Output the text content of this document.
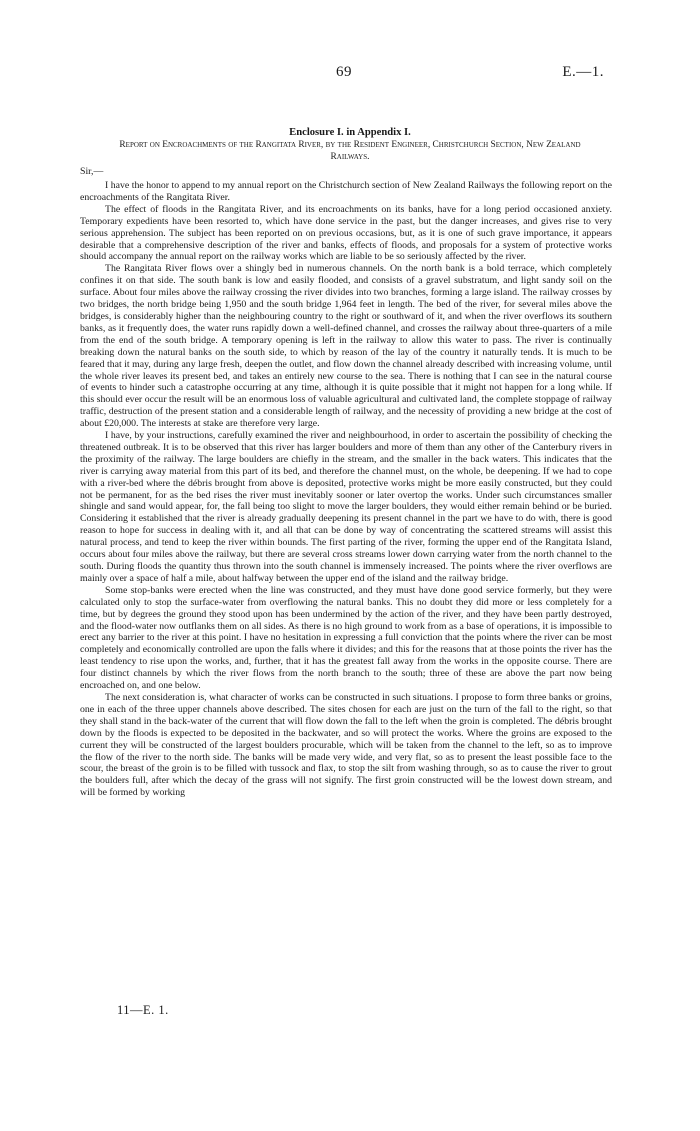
69	E.—1.
Enclosure I. in Appendix I.
Report on Encroachments of the Rangitata River, by the Resident Engineer, Christchurch Section, New Zealand Railways.
Sir,—

I have the honor to append to my annual report on the Christchurch section of New Zealand Railways the following report on the encroachments of the Rangitata River.

The effect of floods in the Rangitata River, and its encroachments on its banks, have for a long period occasioned anxiety. Temporary expedients have been resorted to, which have done service in the past, but the danger increases, and gives rise to very serious apprehension. The subject has been reported on on previous occasions, but, as it is one of such grave importance, it appears desirable that a comprehensive description of the river and banks, effects of floods, and proposals for a system of protective works should accompany the annual report on the railway works which are liable to be so seriously affected by the river.

The Rangitata River flows over a shingly bed in numerous channels. On the north bank is a bold terrace, which completely confines it on that side. The south bank is low and easily flooded, and consists of a gravel substratum, and light sandy soil on the surface. About four miles above the railway crossing the river divides into two branches, forming a large island. The railway crosses by two bridges, the north bridge being 1,950 and the south bridge 1,964 feet in length. The bed of the river, for several miles above the bridges, is considerably higher than the neighbouring country to the right or southward of it, and when the river overflows its southern banks, as it frequently does, the water runs rapidly down a well-defined channel, and crosses the railway about three-quarters of a mile from the end of the south bridge. A temporary opening is left in the railway to allow this water to pass. The river is continually breaking down the natural banks on the south side, to which by reason of the lay of the country it naturally tends. It is much to be feared that it may, during any large fresh, deepen the outlet, and flow down the channel already described with increasing volume, until the whole river leaves its present bed, and takes an entirely new course to the sea. There is nothing that I can see in the natural course of events to hinder such a catastrophe occurring at any time, although it is quite possible that it might not happen for a long while. If this should ever occur the result will be an enormous loss of valuable agricultural and cultivated land, the complete stoppage of railway traffic, destruction of the present station and a considerable length of railway, and the necessity of providing a new bridge at the cost of about £20,000. The interests at stake are therefore very large.

I have, by your instructions, carefully examined the river and neighbourhood, in order to ascertain the possibility of checking the threatened outbreak. It is to be observed that this river has larger boulders and more of them than any other of the Canterbury rivers in the proximity of the railway. The large boulders are chiefly in the stream, and the smaller in the back waters. This indicates that the river is carrying away material from this part of its bed, and therefore the channel must, on the whole, be deepening. If we had to cope with a river-bed where the débris brought from above is deposited, protective works might be more easily constructed, but they could not be permanent, for as the bed rises the river must inevitably sooner or later overtop the works. Under such circumstances smaller shingle and sand would appear, for, the fall being too slight to move the larger boulders, they would either remain behind or be buried. Considering it established that the river is already gradually deepening its present channel in the part we have to do with, there is good reason to hope for success in dealing with it, and all that can be done by way of concentrating the scattered streams will assist this natural process, and tend to keep the river within bounds. The first parting of the river, forming the upper end of the Rangitata Island, occurs about four miles above the railway, but there are several cross streams lower down carrying water from the north channel to the south. During floods the quantity thus thrown into the south channel is immensely increased. The points where the river overflows are mainly over a space of half a mile, about halfway between the upper end of the island and the railway bridge.

Some stop-banks were erected when the line was constructed, and they must have done good service formerly, but they were calculated only to stop the surface-water from overflowing the natural banks. This no doubt they did more or less completely for a time, but by degrees the ground they stood upon has been undermined by the action of the river, and they have been partly destroyed, and the flood-water now outflanks them on all sides. As there is no high ground to work from as a base of operations, it is impossible to erect any barrier to the river at this point. I have no hesitation in expressing a full conviction that the points where the river can be most completely and economically controlled are upon the falls where it divides; and this for the reasons that at those points the river has the least tendency to rise upon the works, and, further, that it has the greatest fall away from the works in the opposite course. There are four distinct channels by which the river flows from the north branch to the south; three of these are above the part now being encroached on, and one below.

The next consideration is, what character of works can be constructed in such situations. I propose to form three banks or groins, one in each of the three upper channels above described. The sites chosen for each are just on the turn of the fall to the right, so that they shall stand in the back-water of the current that will flow down the fall to the left when the groin is completed. The débris brought down by the floods is expected to be deposited in the backwater, and so will protect the works. Where the groins are exposed to the current they will be constructed of the largest boulders procurable, which will be taken from the channel to the left, so as to improve the flow of the river to the north side. The banks will be made very wide, and very flat, so as to present the least possible face to the scour, the breast of the groin is to be filled with tussock and flax, to stop the silt from washing through, so as to cause the river to grout the boulders full, after which the decay of the grass will not signify. The first groin constructed will be the lowest down stream, and will be formed by working

11—E. 1.
